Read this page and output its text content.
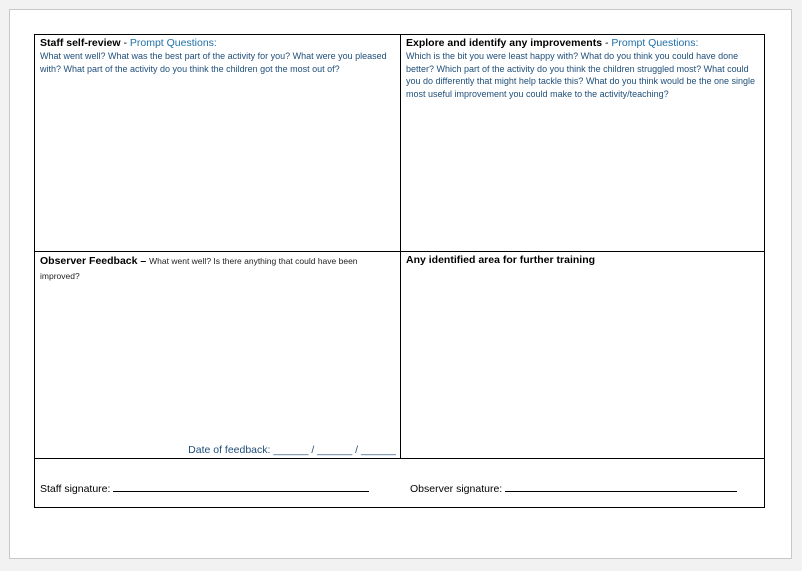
Staff self-review - Prompt Questions:
What went well? What was the best part of the activity for you? What were you pleased with? What part of the activity do you think the children got the most out of?
Explore and identify any improvements - Prompt Questions:
Which is the bit you were least happy with? What do you think you could have done better? Which part of the activity do you think the children struggled most? What could you do differently that might help tackle this? What do you think would be the one single most useful improvement you could make to the activity/teaching?
Observer Feedback – What went well? Is there anything that could have been improved?
Date of feedback: ______ / ______ / ______
Any identified area for further training
Staff signature:	Observer signature:
